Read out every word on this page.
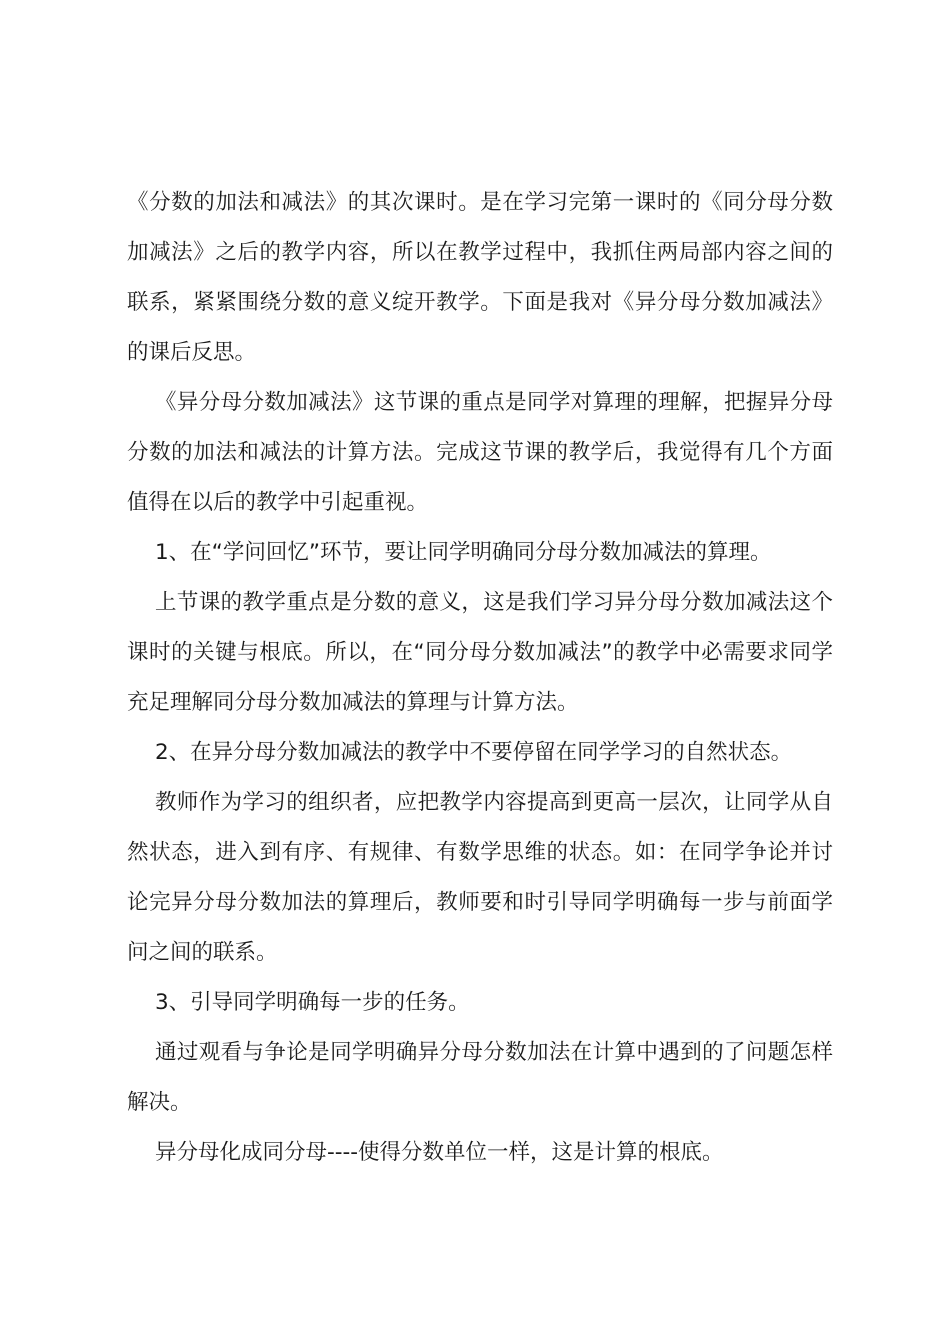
《分数的加法和减法》的其次课时。是在学习完第一课时的《同分母分数加减法》之后的教学内容，所以在教学过程中，我抓住两局部内容之间的联系，紧紧围绕分数的意义绽开教学。下面是我对《异分母分数加减法》的课后反思。

《异分母分数加减法》这节课的重点是同学对算理的理解，把握异分母分数的加法和减法的计算方法。完成这节课的教学后，我觉得有几个方面值得在以后的教学中引起重视。

1、在“学问回忆”环节，要让同学明确同分母分数加减法的算理。

上节课的教学重点是分数的意义，这是我们学习异分母分数加减法这个课时的关键与根底。所以，在“同分母分数加减法”的教学中必需要求同学充足理解同分母分数加减法的算理与计算方法。

2、在异分母分数加减法的教学中不要停留在同学学习的自然状态。

教师作为学习的组织者，应把教学内容提高到更高一层次，让同学从自然状态，进入到有序、有规律、有数学思维的状态。如：在同学争论并讨论完异分母分数加法的算理后，教师要和时引导同学明确每一步与前面学问之间的联系。

3、引导同学明确每一步的任务。

通过观看与争论是同学明确异分母分数加法在计算中遇到的了问题怎样解决。

异分母化成同分母----使得分数单位一样，这是计算的根底。
